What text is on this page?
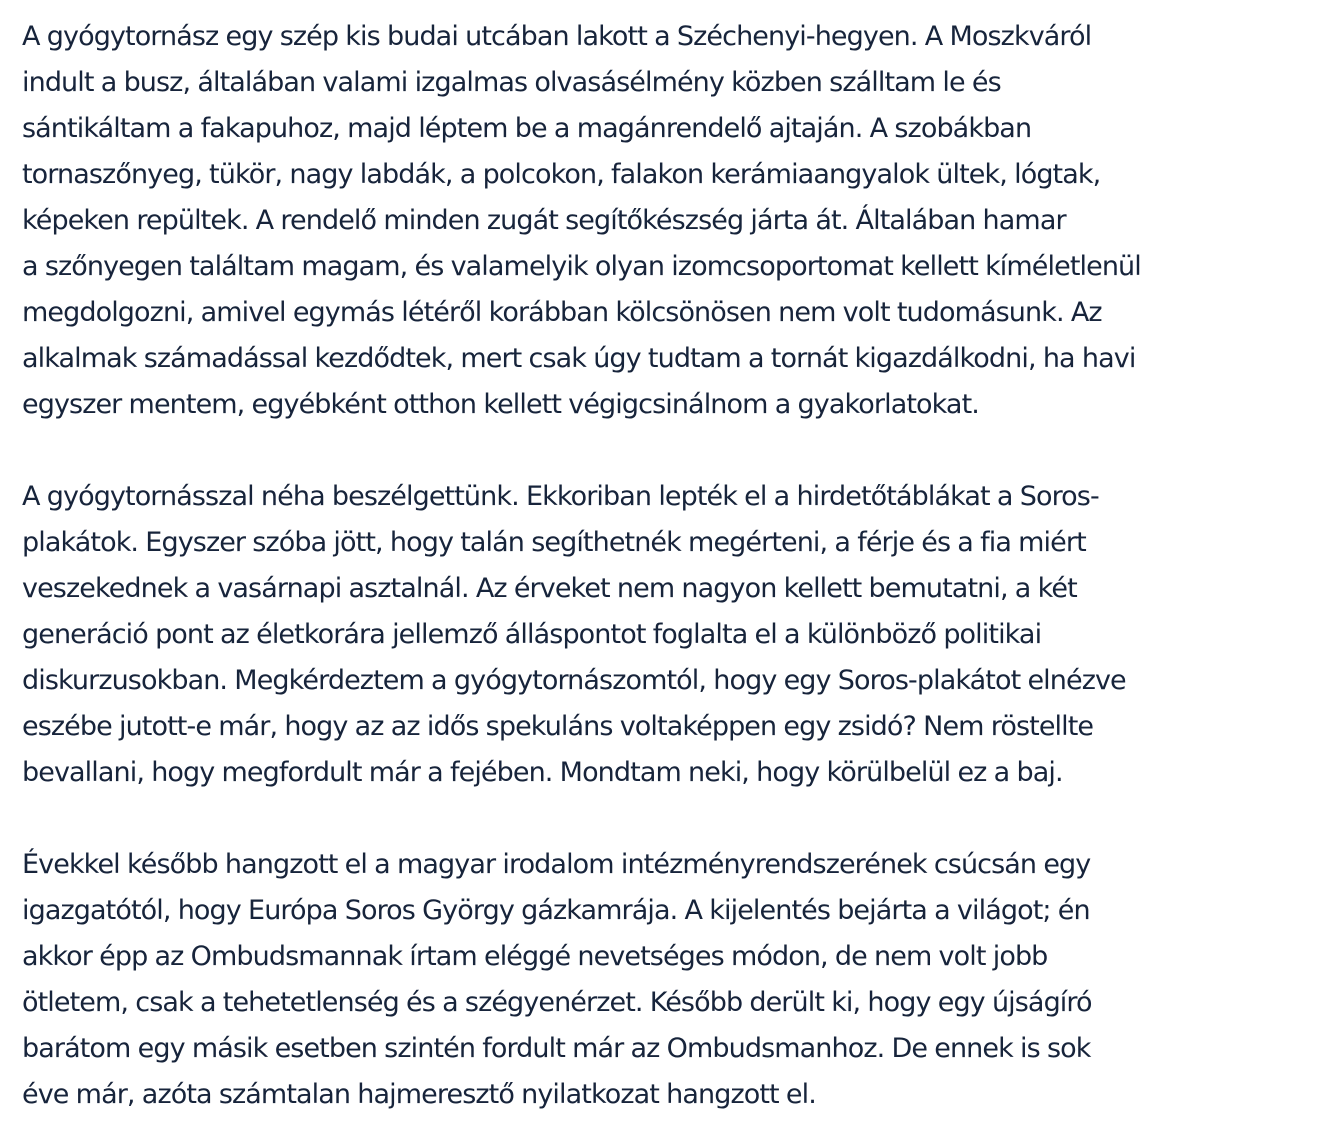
A gyógytornász egy szép kis budai utcában lakott a Széchenyi-hegyen. A Moszkváról
indult a busz, általában valami izgalmas olvasásélmény közben szálltam le és
sántikáltam a fakapuhoz, majd léptem be a magánrendelő ajtaján. A szobákban
tornaszőnyeg, tükör, nagy labdák, a polcokon, falakon kerámiaangyalok ültek, lógtak,
képeken repültek. A rendelő minden zugát segítőkészség járta át. Általában hamar
a szőnyegen találtam magam, és valamelyik olyan izomcsoportomat kellett kíméletlenül
megdolgozni, amivel egymás létéről korábban kölcsönösen nem volt tudomásunk. Az
alkalmak számadással kezdődtek, mert csak úgy tudtam a tornát kigazdálkodni, ha havi
egyszer mentem, egyébként otthon kellett végigcsinálnom a gyakorlatokat.

A gyógytornásszal néha beszélgettünk. Ekkoriban lepték el a hirdetőtáblákat a Soros-
plakátok. Egyszer szóba jött, hogy talán segíthetnék megérteni, a férje és a fia miért
veszekednek a vasárnapi asztalnál. Az érveket nem nagyon kellett bemutatni, a két
generáció pont az életkorára jellemző álláspontot foglalta el a különböző politikai
diskurzusokban. Megkérdeztem a gyógytornászomtól, hogy egy Soros-plakátot elnézve
eszébe jutott-e már, hogy az az idős spekuláns voltaképpen egy zsidó? Nem röstellte
bevallani, hogy megfordult már a fejében. Mondtam neki, hogy körülbelül ez a baj.

Évekkel később hangzott el a magyar irodalom intézményrendszerének csúcsán egy
igazgatótól, hogy Európa Soros György gázkamrája. A kijelentés bejárta a világot; én
akkor épp az Ombudsmannak írtam eléggé nevetséges módon, de nem volt jobb
ötletem, csak a tehetetlenség és a szégyenérzet. Később derült ki, hogy egy újságíró
barátom egy másik esetben szintén fordult már az Ombudsmanhoz. De ennek is sok
éve már, azóta számtalan hajmeresztő nyilatkozat hangzott el.
